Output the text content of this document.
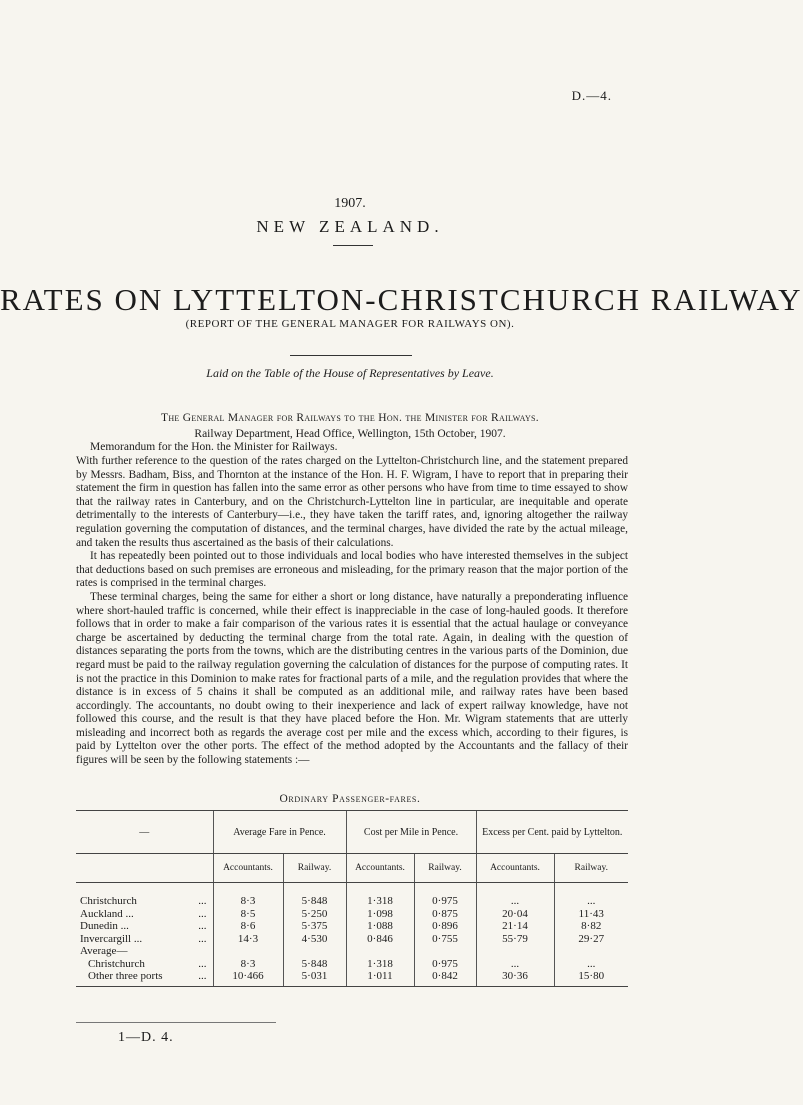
D.—4.
1907.
NEW ZEALAND.
RATES ON LYTTELTON-CHRISTCHURCH RAILWAY
(REPORT OF THE GENERAL MANAGER FOR RAILWAYS ON).
Laid on the Table of the House of Representatives by Leave.
The General Manager for Railways to the Hon. the Minister for Railways.
Railway Department, Head Office, Wellington, 15th October, 1907.
Memorandum for the Hon. the Minister for Railways.

With further reference to the question of the rates charged on the Lyttelton-Christchurch line, and the statement prepared by Messrs. Badham, Biss, and Thornton at the instance of the Hon. H. F. Wigram, I have to report that in preparing their statement the firm in question has fallen into the same error as other persons who have from time to time essayed to show that the railway rates in Canterbury, and on the Christchurch-Lyttelton line in particular, are inequitable and operate detrimentally to the interests of Canterbury—i.e., they have taken the tariff rates, and, ignoring altogether the railway regulation governing the computation of distances, and the terminal charges, have divided the rate by the actual mileage, and taken the results thus ascertained as the basis of their calculations.

It has repeatedly been pointed out to those individuals and local bodies who have interested themselves in the subject that deductions based on such premises are erroneous and misleading, for the primary reason that the major portion of the rates is comprised in the terminal charges.

These terminal charges, being the same for either a short or long distance, have naturally a preponderating influence where short-hauled traffic is concerned, while their effect is inappreciable in the case of long-hauled goods. It therefore follows that in order to make a fair comparison of the various rates it is essential that the actual haulage or conveyance charge be ascertained by deducting the terminal charge from the total rate. Again, in dealing with the question of distances separating the ports from the towns, which are the distributing centres in the various parts of the Dominion, due regard must be paid to the railway regulation governing the calculation of distances for the purpose of computing rates. It is not the practice in this Dominion to make rates for fractional parts of a mile, and the regulation provides that where the distance is in excess of 5 chains it shall be computed as an additional mile, and railway rates have been based accordingly. The accountants, no doubt owing to their inexperience and lack of expert railway knowledge, have not followed this course, and the result is that they have placed before the Hon. Mr. Wigram statements that are utterly misleading and incorrect both as regards the average cost per mile and the excess which, according to their figures, is paid by Lyttelton over the other ports. The effect of the method adopted by the Accountants and the fallacy of their figures will be seen by the following statements :—

Ordinary Passenger-fares.
—	Average Fare in Pence.		Cost per Mile in Pence.		Excess per Cent. paid by Lyttelton.	
	Accountants.	Railway.	Accountants.	Railway.	Accountants.	Railway.

Christchurch ...	8·3	5·848	1·318	0·975	...	...
Auckland ... ...	8·5	5·250	1·098	0·875	20·04	11·43
Dunedin ... ...	8·6	5·375	1·088	0·896	21·14	8·82
Invercargill ... ...	14·3	4·530	0·846	0·755	55·79	29·27
Average—

Christchurch ...	8·3	5·848	1·318	0·975	...	...
Other three ports ...	10·466	5·031	1·011	0·842	30·36	15·80
1—D. 4.
